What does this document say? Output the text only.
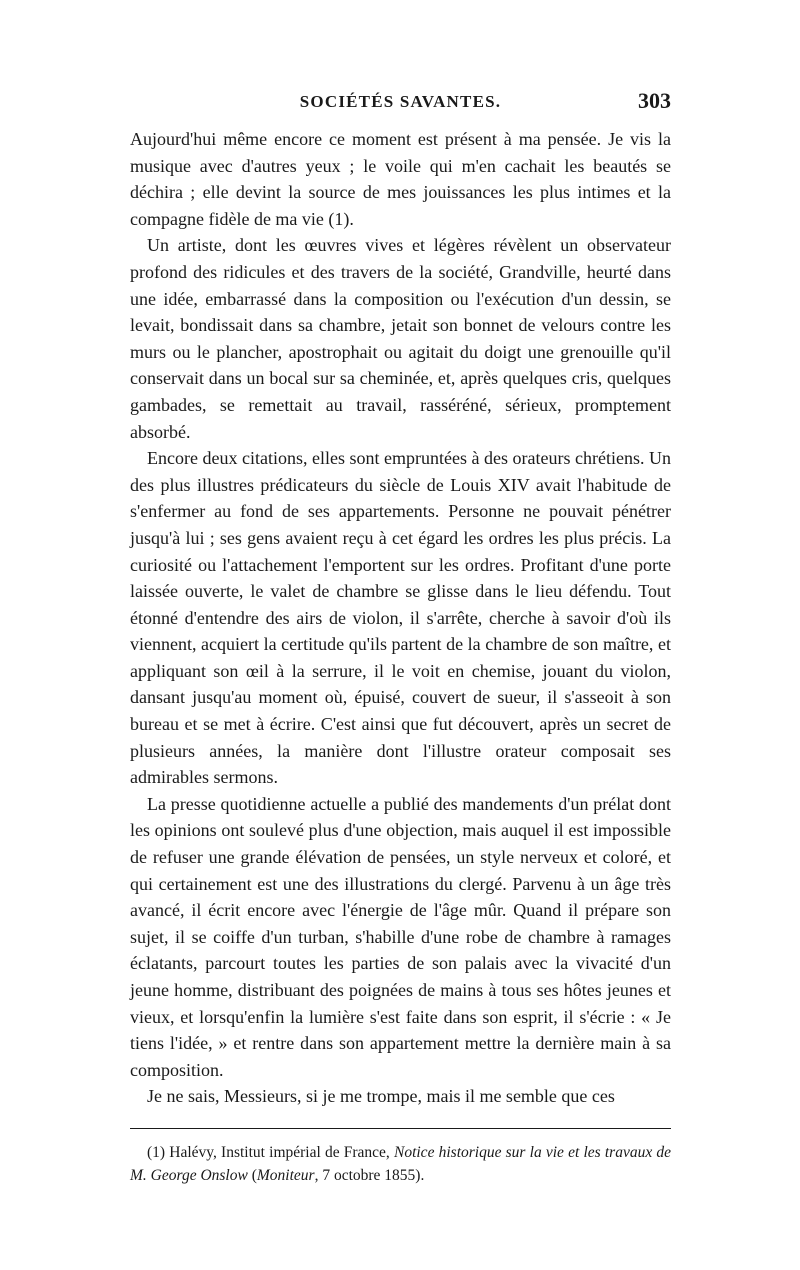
SOCIÉTÉS SAVANTES.	303

Aujourd'hui même encore ce moment est présent à ma pensée. Je vis la musique avec d'autres yeux ; le voile qui m'en cachait les beautés se déchira ; elle devint la source de mes jouissances les plus intimes et la compagne fidèle de ma vie (1).

Un artiste, dont les œuvres vives et légères révèlent un observateur profond des ridicules et des travers de la société, Grandville, heurté dans une idée, embarrassé dans la composition ou l'exécution d'un dessin, se levait, bondissait dans sa chambre, jetait son bonnet de velours contre les murs ou le plancher, apostrophait ou agitait du doigt une grenouille qu'il conservait dans un bocal sur sa cheminée, et, après quelques cris, quelques gambades, se remettait au travail, rasséréné, sérieux, promptement absorbé.

Encore deux citations, elles sont empruntées à des orateurs chrétiens. Un des plus illustres prédicateurs du siècle de Louis XIV avait l'habitude de s'enfermer au fond de ses appartements. Personne ne pouvait pénétrer jusqu'à lui ; ses gens avaient reçu à cet égard les ordres les plus précis. La curiosité ou l'attachement l'emportent sur les ordres. Profitant d'une porte laissée ouverte, le valet de chambre se glisse dans le lieu défendu. Tout étonné d'entendre des airs de violon, il s'arrête, cherche à savoir d'où ils viennent, acquiert la certitude qu'ils partent de la chambre de son maître, et appliquant son œil à la serrure, il le voit en chemise, jouant du violon, dansant jusqu'au moment où, épuisé, couvert de sueur, il s'asseoit à son bureau et se met à écrire. C'est ainsi que fut découvert, après un secret de plusieurs années, la manière dont l'illustre orateur composait ses admirables sermons.

La presse quotidienne actuelle a publié des mandements d'un prélat dont les opinions ont soulevé plus d'une objection, mais auquel il est impossible de refuser une grande élévation de pensées, un style nerveux et coloré, et qui certainement est une des illustrations du clergé. Parvenu à un âge très avancé, il écrit encore avec l'énergie de l'âge mûr. Quand il prépare son sujet, il se coiffe d'un turban, s'habille d'une robe de chambre à ramages éclatants, parcourt toutes les parties de son palais avec la vivacité d'un jeune homme, distribuant des poignées de mains à tous ses hôtes jeunes et vieux, et lorsqu'enfin la lumière s'est faite dans son esprit, il s'écrie : « Je tiens l'idée, » et rentre dans son appartement mettre la dernière main à sa composition.

Je ne sais, Messieurs, si je me trompe, mais il me semble que ces

(1) Halévy, Institut impérial de France, Notice historique sur la vie et les travaux de M. George Onslow (Moniteur, 7 octobre 1855).
